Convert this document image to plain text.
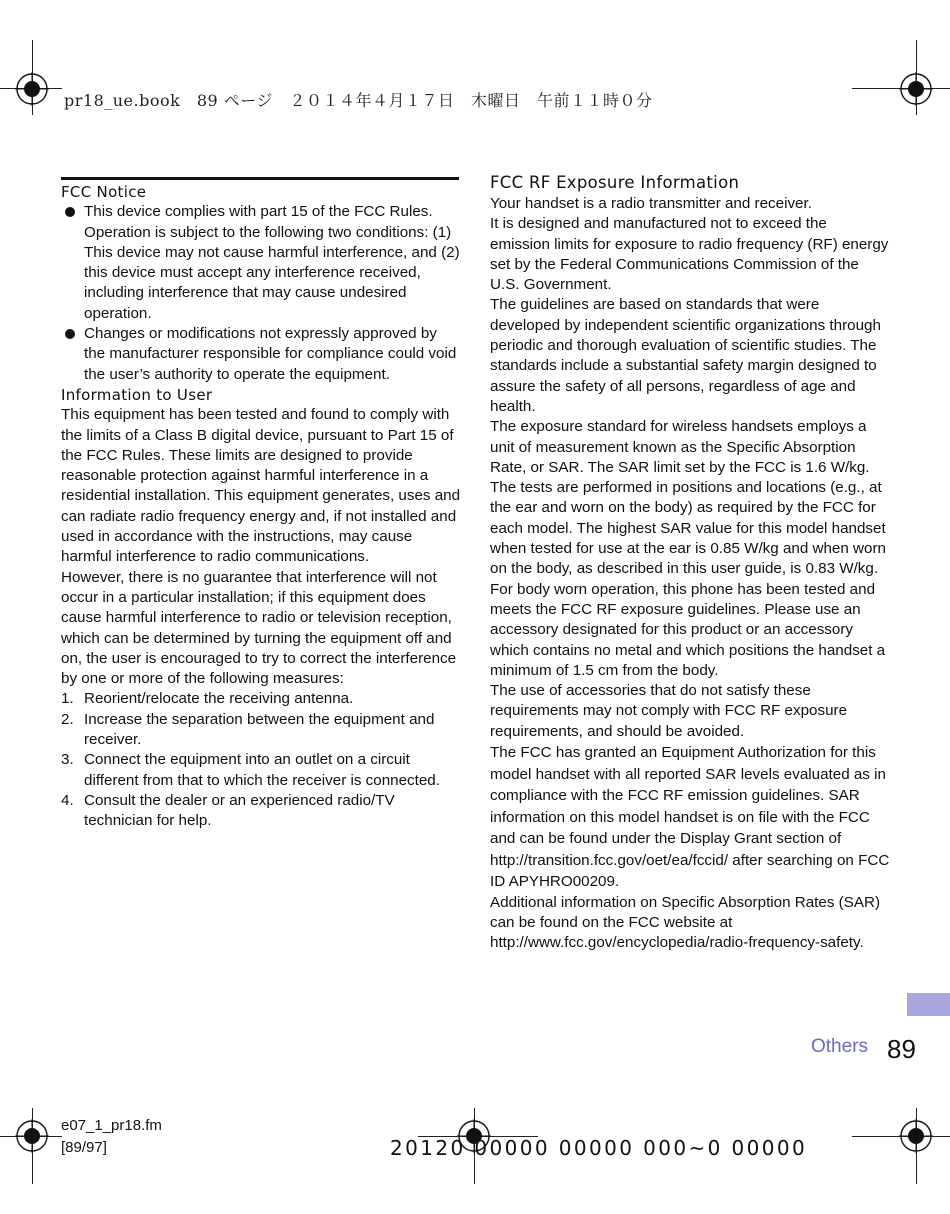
pr18_ue.book　89 ページ　２０１４年４月１７日　木曜日　午前１１時０分
FCC Notice
This device complies with part 15 of the FCC Rules. Operation is subject to the following two conditions: (1) This device may not cause harmful interference, and (2) this device must accept any interference received, including interference that may cause undesired operation.
Changes or modifications not expressly approved by the manufacturer responsible for compliance could void the user’s authority to operate the equipment.
Information to User

This equipment has been tested and found to comply with the limits of a Class B digital device, pursuant to Part 15 of the FCC Rules. These limits are designed to provide reasonable protection against harmful interference in a residential installation. This equipment generates, uses and can radiate radio frequency energy and, if not installed and used in accordance with the instructions, may cause harmful interference to radio communications.

However, there is no guarantee that interference will not occur in a particular installation; if this equipment does cause harmful interference to radio or television reception, which can be determined by turning the equipment off and on, the user is encouraged to try to correct the interference by one or more of the following measures:

1. Reorient/relocate the receiving antenna.
2. Increase the separation between the equipment and receiver.
3. Connect the equipment into an outlet on a circuit different from that to which the receiver is connected.
4. Consult the dealer or an experienced radio/TV technician for help.
FCC RF Exposure Information

Your handset is a radio transmitter and receiver.

It is designed and manufactured not to exceed the emission limits for exposure to radio frequency (RF) energy set by the Federal Communications Commission of the U.S. Government.

The guidelines are based on standards that were developed by independent scientific organizations through periodic and thorough evaluation of scientific studies. The standards include a substantial safety margin designed to assure the safety of all persons, regardless of age and health.

The exposure standard for wireless handsets employs a unit of measurement known as the Specific Absorption Rate, or SAR. The SAR limit set by the FCC is 1.6 W/kg.

The tests are performed in positions and locations (e.g., at the ear and worn on the body) as required by the FCC for each model. The highest SAR value for this model handset when tested for use at the ear is 0.85 W/kg and when worn on the body, as described in this user guide, is 0.83 W/kg.

For body worn operation, this phone has been tested and meets the FCC RF exposure guidelines. Please use an accessory designated for this product or an accessory which contains no metal and which positions the handset a minimum of 1.5 cm from the body.

The use of accessories that do not satisfy these requirements may not comply with FCC RF exposure requirements, and should be avoided.

The FCC has granted an Equipment Authorization for this model handset with all reported SAR levels evaluated as in compliance with the FCC RF emission guidelines. SAR information on this model handset is on file with the FCC and can be found under the Display Grant section of http://transition.fcc.gov/oet/ea/fccid/ after searching on FCC ID APYHRO00209.

Additional information on Specific Absorption Rates (SAR) can be found on the FCC website at http://www.fcc.gov/encyclopedia/radio-frequency-safety.

Others 89
e07_1_pr18.fm
[89/97]	20120 00000 00000 000~0 00000
